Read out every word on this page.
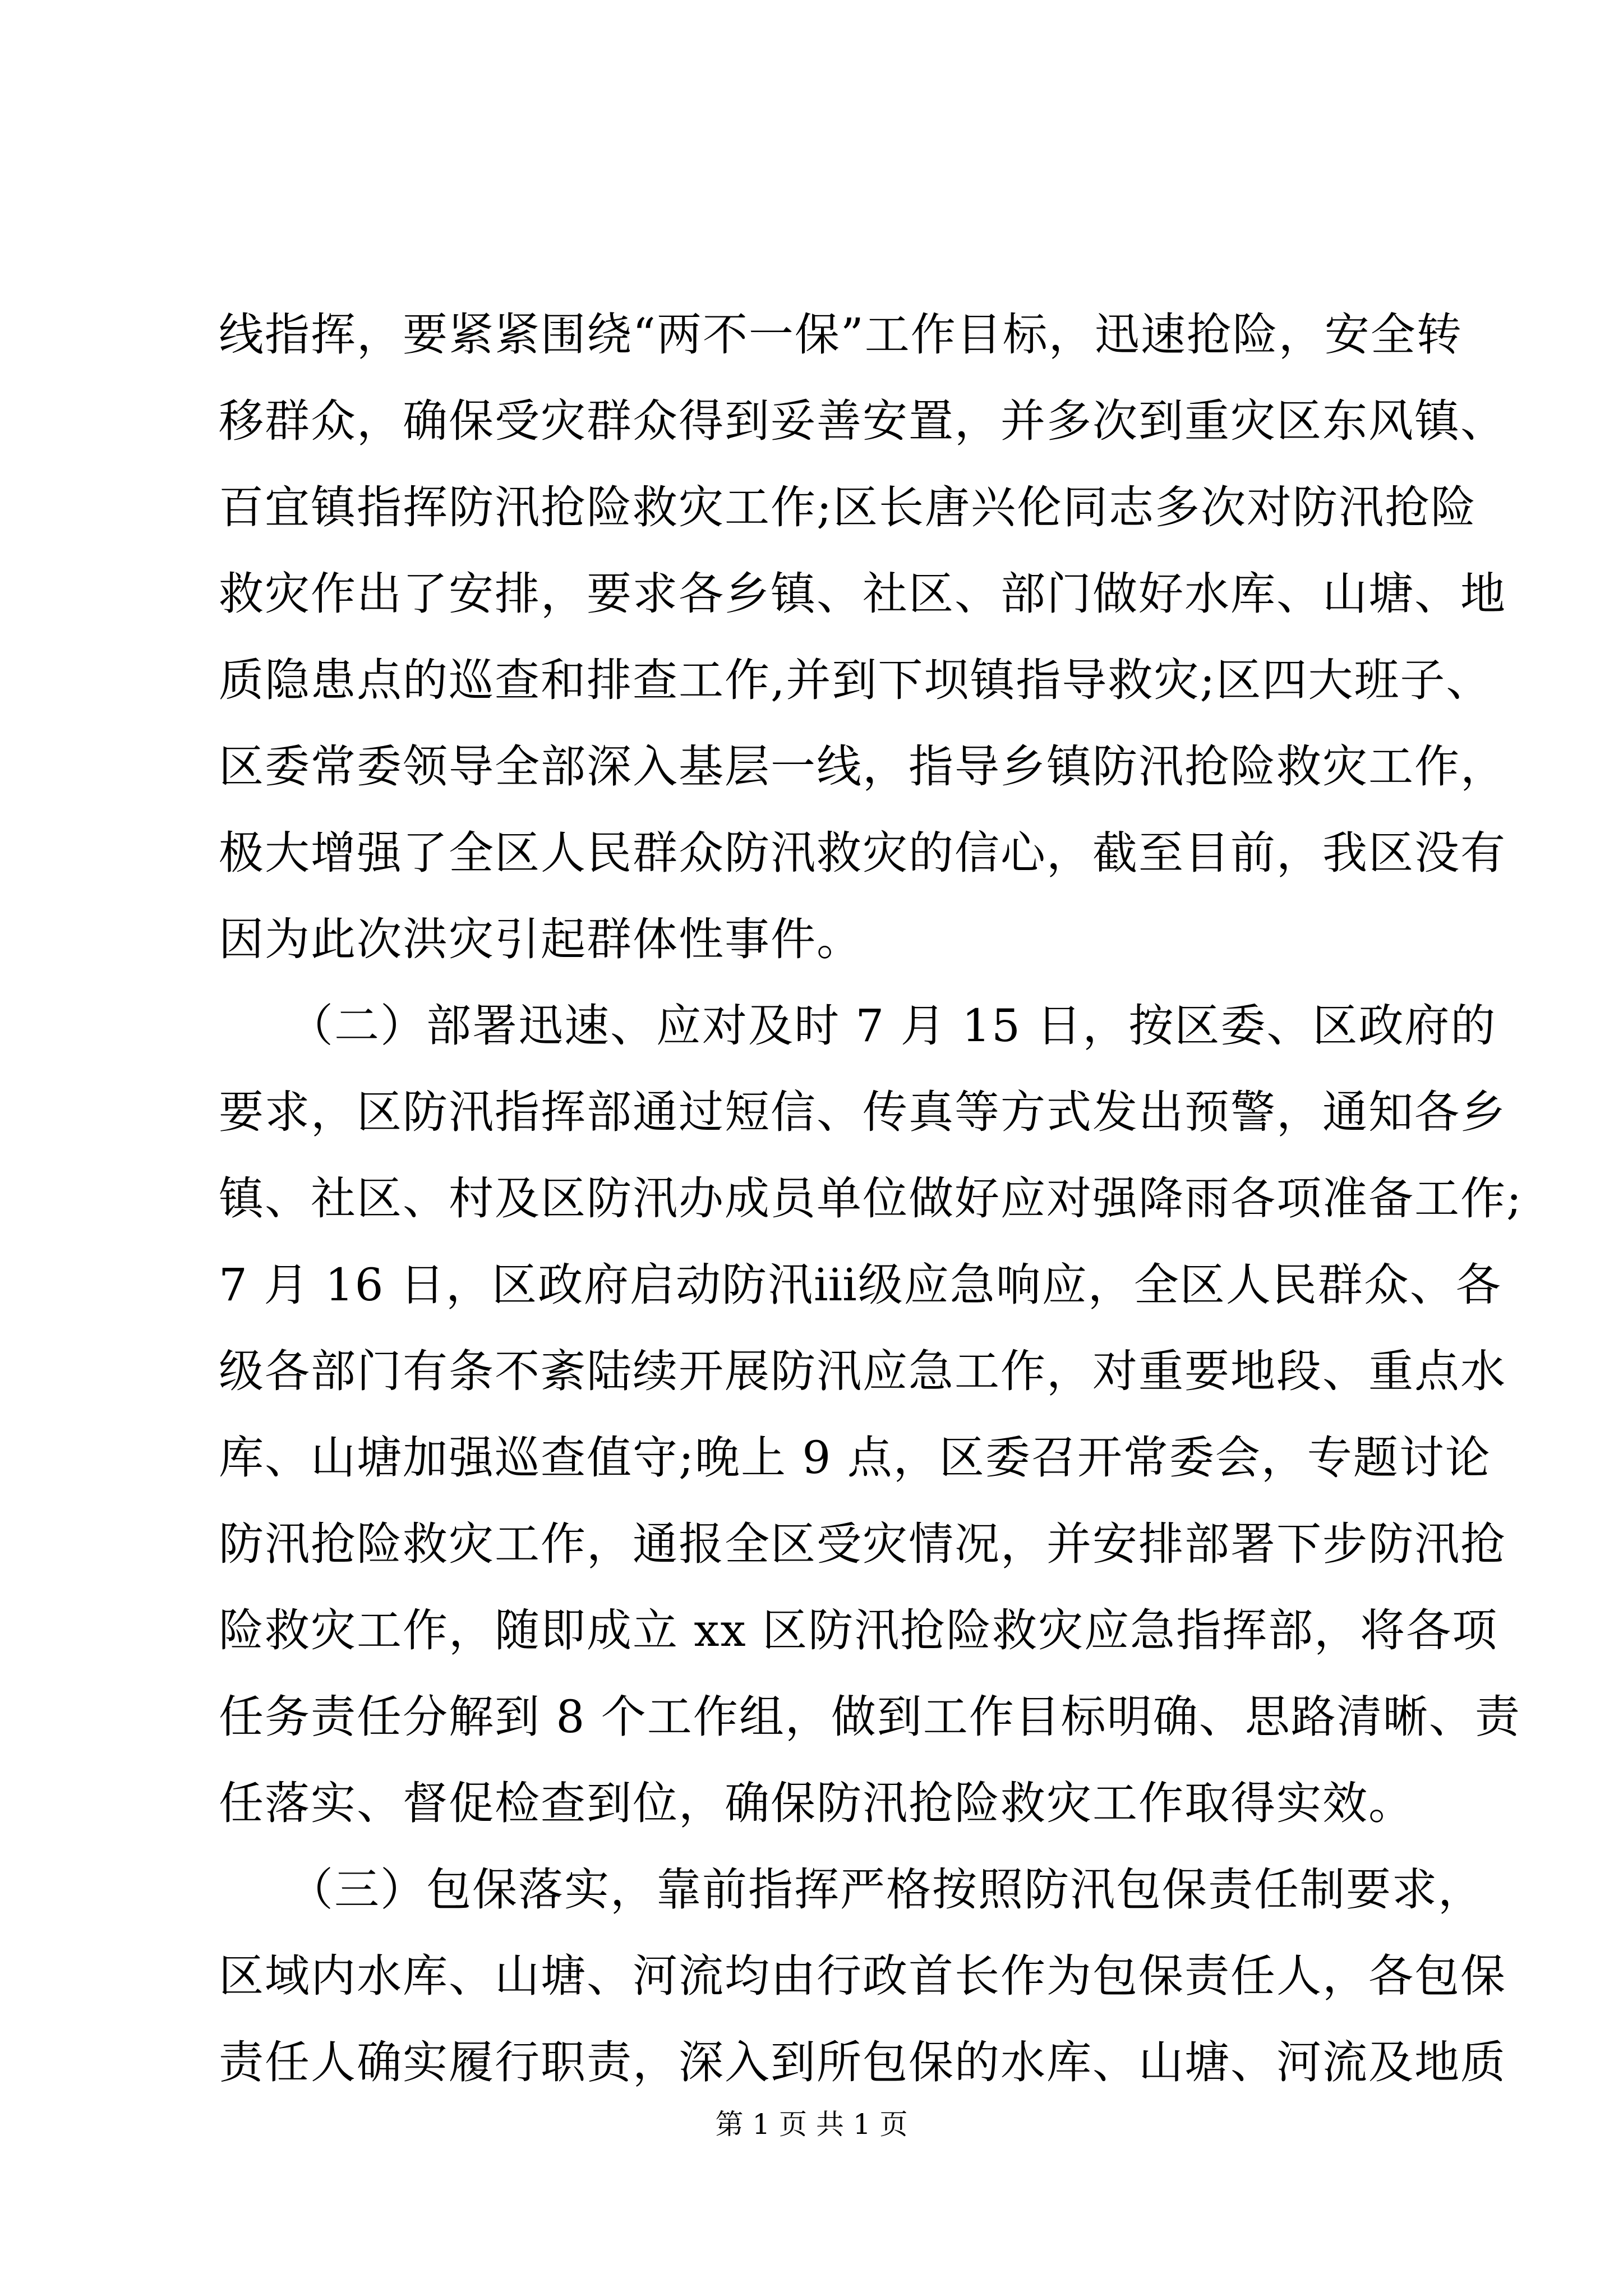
线指挥，要紧紧围绕“两不一保”工作目标，迅速抢险，安全转
移群众，确保受灾群众得到妥善安置，并多次到重灾区东风镇、
百宜镇指挥防汛抢险救灾工作;区长唐兴伦同志多次对防汛抢险
救灾作出了安排，要求各乡镇、社区、部门做好水库、山塘、地
质隐患点的巡查和排查工作,并到下坝镇指导救灾;区四大班子、
区委常委领导全部深入基层一线，指导乡镇防汛抢险救灾工作，
极大增强了全区人民群众防汛救灾的信心，截至目前，我区没有
因为此次洪灾引起群体性事件。
　　（二）部署迅速、应对及时 7 月 15 日，按区委、区政府的
要求，区防汛指挥部通过短信、传真等方式发出预警，通知各乡
镇、社区、村及区防汛办成员单位做好应对强降雨各项准备工作;
7 月 16 日，区政府启动防汛ⅲ级应急响应，全区人民群众、各
级各部门有条不紊陆续开展防汛应急工作，对重要地段、重点水
库、山塘加强巡查值守;晚上 9 点，区委召开常委会，专题讨论
防汛抢险救灾工作，通报全区受灾情况，并安排部署下步防汛抢
险救灾工作，随即成立 xx 区防汛抢险救灾应急指挥部，将各项
任务责任分解到 8 个工作组，做到工作目标明确、思路清晰、责
任落实、督促检查到位，确保防汛抢险救灾工作取得实效。
　　（三）包保落实，靠前指挥严格按照防汛包保责任制要求，
区域内水库、山塘、河流均由行政首长作为包保责任人，各包保
责任人确实履行职责，深入到所包保的水库、山塘、河流及地质
第 1 页 共 1 页
